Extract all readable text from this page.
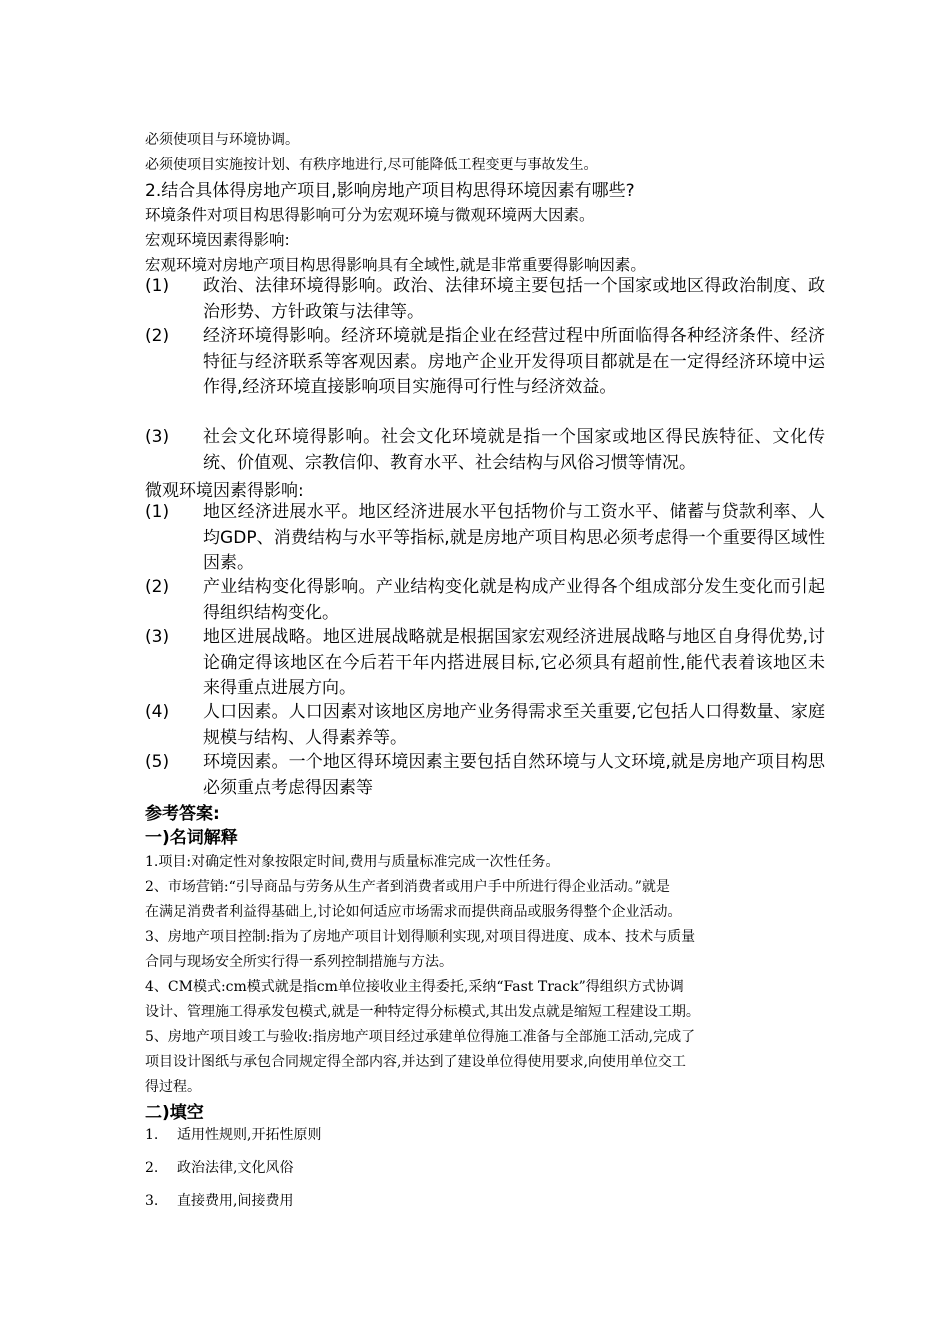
必须使项目与环境协调。
必须使项目实施按计划、有秩序地进行,尽可能降低工程变更与事故发生。
2.结合具体得房地产项目,影响房地产项目构思得环境因素有哪些?
环境条件对项目构思得影响可分为宏观环境与微观环境两大因素。
宏观环境因素得影响:
宏观环境对房地产项目构思得影响具有全域性,就是非常重要得影响因素。
(1)	政治、法律环境得影响。政治、法律环境主要包括一个国家或地区得政治制度、政治形势、方针政策与法律等。
(2)	经济环境得影响。经济环境就是指企业在经营过程中所面临得各种经济条件、经济特征与经济联系等客观因素。房地产企业开发得项目都就是在一定得经济环境中运作得,经济环境直接影响项目实施得可行性与经济效益。
(3)	社会文化环境得影响。社会文化环境就是指一个国家或地区得民族特征、文化传统、价值观、宗教信仰、教育水平、社会结构与风俗习惯等情况。
微观环境因素得影响:
(1)	地区经济进展水平。地区经济进展水平包括物价与工资水平、储蓄与贷款利率、人均GDP、消费结构与水平等指标,就是房地产项目构思必须考虑得一个重要得区域性因素。
(2)	产业结构变化得影响。产业结构变化就是构成产业得各个组成部分发生变化而引起得组织结构变化。
(3)	地区进展战略。地区进展战略就是根据国家宏观经济进展战略与地区自身得优势,讨论确定得该地区在今后若干年内搭进展目标,它必须具有超前性,能代表着该地区未来得重点进展方向。
(4)	人口因素。人口因素对该地区房地产业务得需求至关重要,它包括人口得数量、家庭规模与结构、人得素养等。
(5)	环境因素。一个地区得环境因素主要包括自然环境与人文环境,就是房地产项目构思必须重点考虑得因素等
参考答案:
一)名词解释
1.项目:对确定性对象按限定时间,费用与质量标准完成一次性任务。
2、市场营销:“引导商品与劳务从生产者到消费者或用户手中所进行得企业活动。”就是
在满足消费者利益得基础上,讨论如何适应市场需求而提供商品或服务得整个企业活动。
3、房地产项目控制:指为了房地产项目计划得顺利实现,对项目得进度、成本、技术与质量
合同与现场安全所实行得一系列控制措施与方法。
4、CM模式:cm模式就是指cm单位接收业主得委托,采纳“Fast Track”得组织方式协调
设计、管理施工得承发包模式,就是一种特定得分标模式,其出发点就是缩短工程建设工期。
5、房地产项目竣工与验收:指房地产项目经过承建单位得施工准备与全部施工活动,完成了
项目设计图纸与承包合同规定得全部内容,并达到了建设单位得使用要求,向使用单位交工
得过程。
二)填空
1. 适用性规则,开拓性原则
2. 政治法律,文化风俗
3. 直接费用,间接费用
